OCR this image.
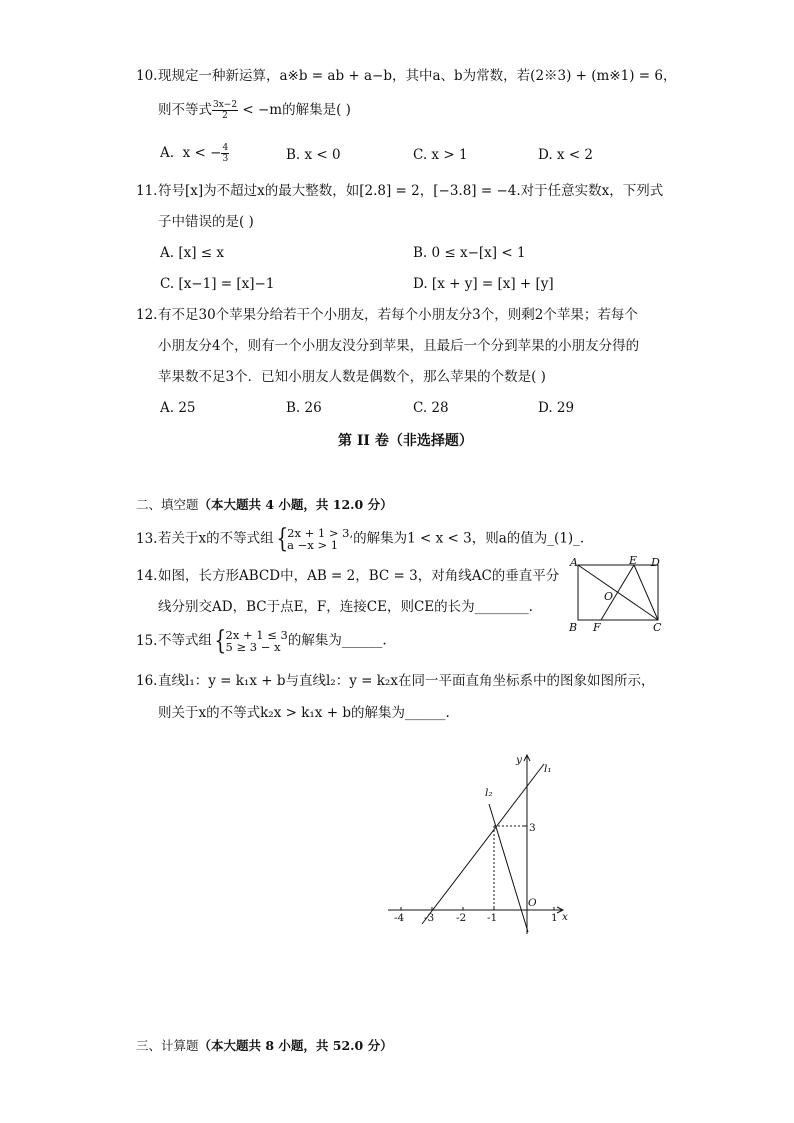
10.现规定一种新运算，a※b = ab + a−b，其中a、b为常数，若(2※3) + (m※1) = 6，
则不等式 $\frac{3x-2}{2} < -m$的解集是( )
A. x < − $\frac{4}{3}$	B. x < 0	C. x > 1	D. x < 2
11.符号[x]为不超过x的最大整数，如[2.8] = 2，[−3.8] = −4.对于任意实数x，下列式
子中错误的是( )
A. [x] ≤ x	B. 0 ≤ x−[x] < 1
C. [x−1] = [x]−1	D. [x + y] = [x] + [y]
12.有不足30个苹果分给若干个小朋友，若每个小朋友分3个，则剩2个苹果；若每个
小朋友分4个，则有一个小朋友没分到苹果，且最后一个分到苹果的小朋友分得的
苹果数不足3个．已知小朋友人数是偶数个，那么苹果的个数是( )
A. 25	B. 26	C. 28	D. 29
第 II 卷（非选择题）
二、填空题（本大题共 4 小题，共 12.0 分）
13.若关于x的不等式组{ 2x + 1 > 3,
a −x > 1	的解集为1 < x < 3，则a的值为_(1)_.
14.如图，长方形ABCD中，AB = 2，BC = 3，对角线AC的垂直平分
线分别交AD，BC于点E，F，连接CE，则CE的长为________.
A	E D
O
B F	C
15.不等式组{ 2x + 1 ≤ 3
5 ≥ 3 − x 的解集为______.
16.直线l₁：y = k₁x + b与直线l₂：y = k₂x在同一平面直角坐标系中的图象如图所示，
则关于x的不等式k₂x > k₁x + b的解集为______.
-4 -3 -2 -1	1
3
O
x
y
l₁
l₂
三、计算题（本大题共 8 小题，共 52.0 分）
